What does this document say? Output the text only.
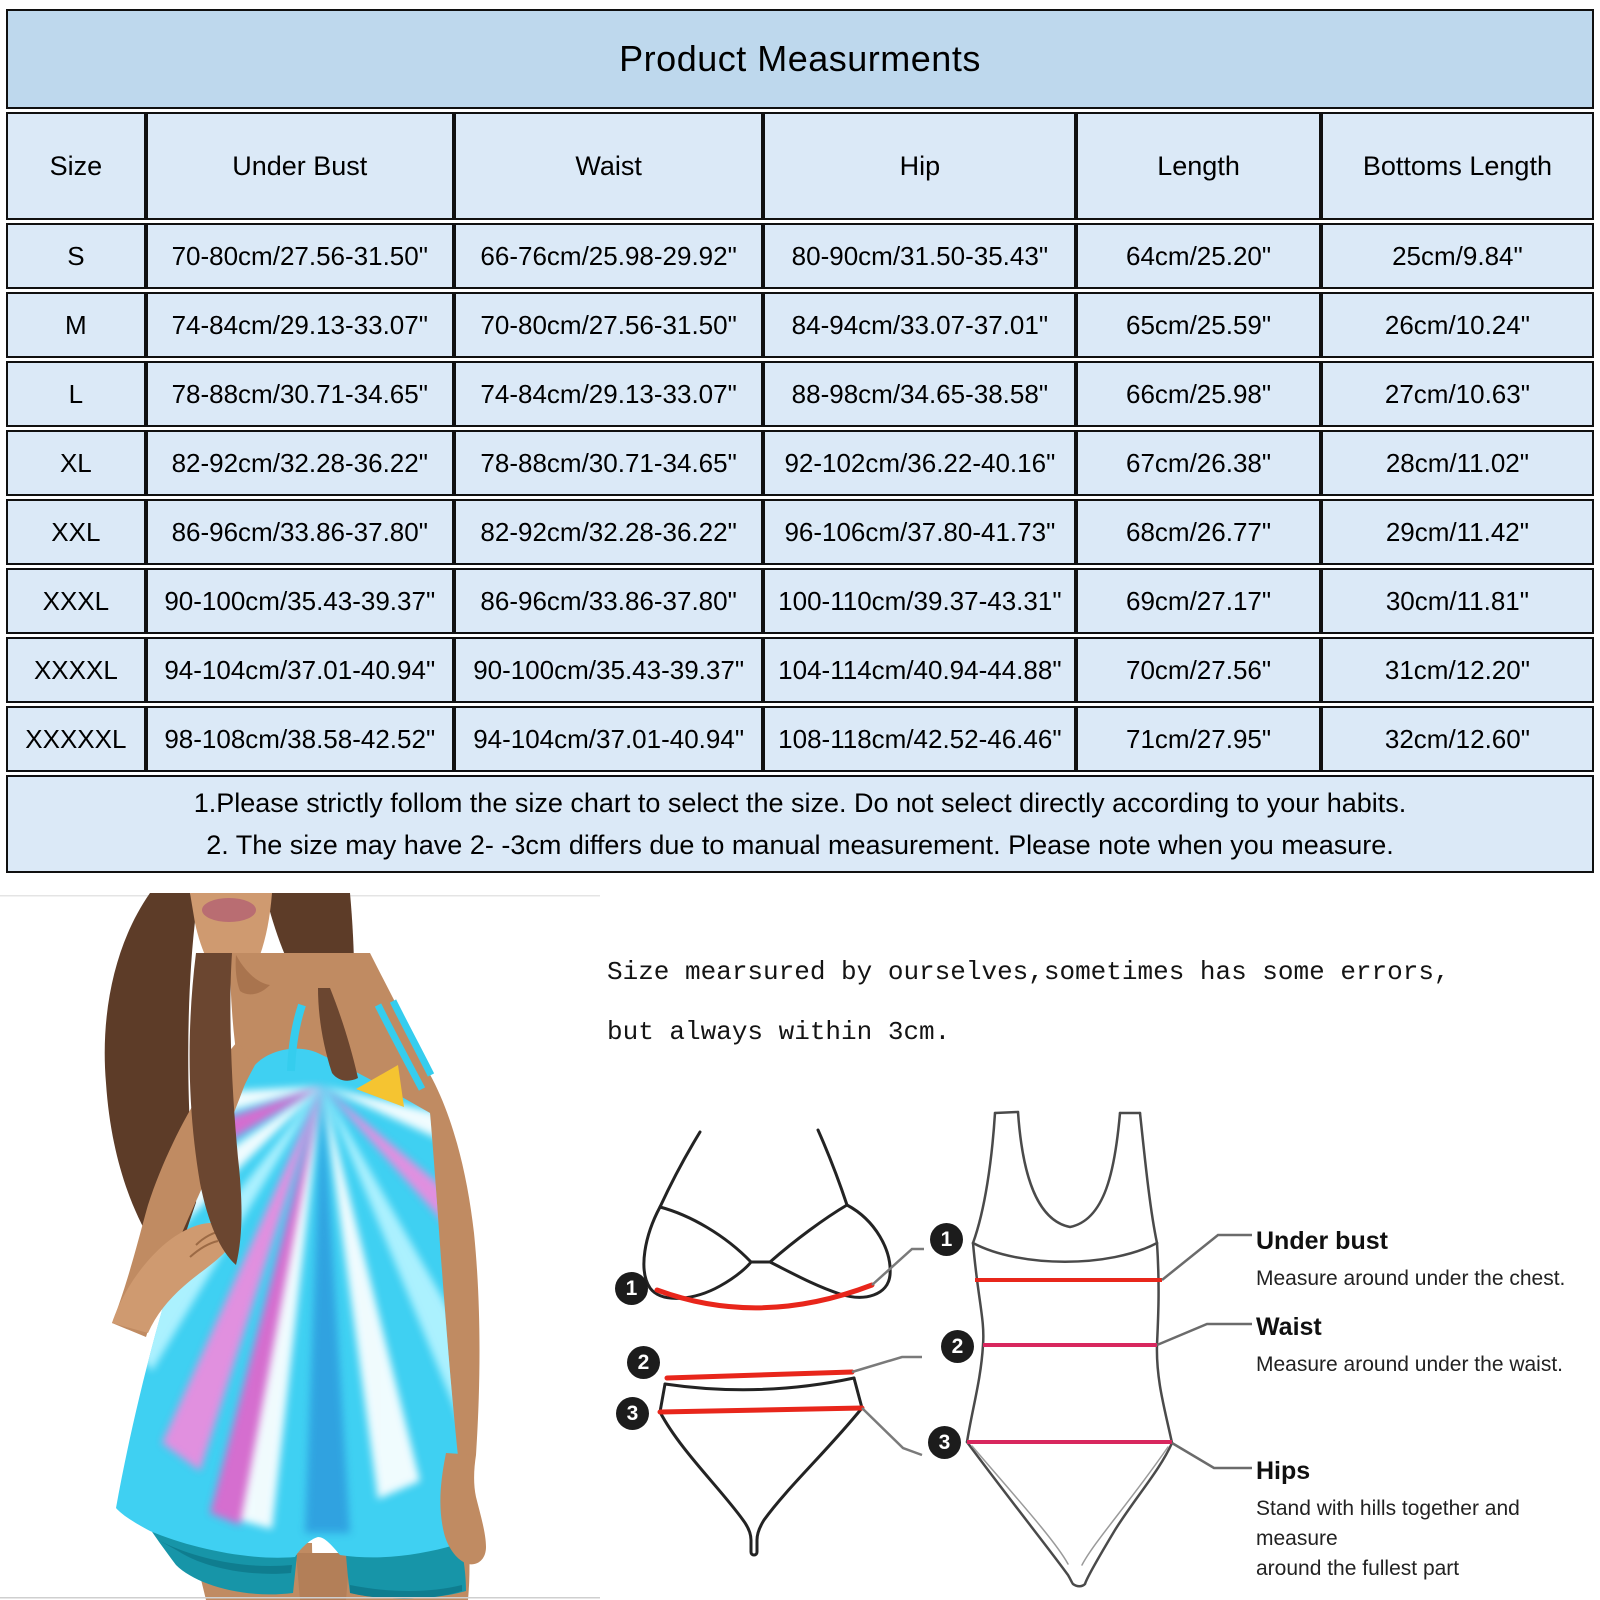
Product Measurments					
Size	Under Bust	Waist	Hip	Length	Bottoms Length
S	70-80cm/27.56-31.50"	66-76cm/25.98-29.92"	80-90cm/31.50-35.43"	64cm/25.20"	25cm/9.84"
M	74-84cm/29.13-33.07"	70-80cm/27.56-31.50"	84-94cm/33.07-37.01"	65cm/25.59"	26cm/10.24"
L	78-88cm/30.71-34.65"	74-84cm/29.13-33.07"	88-98cm/34.65-38.58"	66cm/25.98"	27cm/10.63"
XL	82-92cm/32.28-36.22"	78-88cm/30.71-34.65"	92-102cm/36.22-40.16"	67cm/26.38"	28cm/11.02"
XXL	86-96cm/33.86-37.80"	82-92cm/32.28-36.22"	96-106cm/37.80-41.73"	68cm/26.77"	29cm/11.42"
XXXL	90-100cm/35.43-39.37"	86-96cm/33.86-37.80"	100-110cm/39.37-43.31"	69cm/27.17"	30cm/11.81"
XXXXL	94-104cm/37.01-40.94"	90-100cm/35.43-39.37"	104-114cm/40.94-44.88"	70cm/27.56"	31cm/12.20"
XXXXXL	98-108cm/38.58-42.52"	94-104cm/37.01-40.94"	108-118cm/42.52-46.46"	71cm/27.95"	32cm/12.60"

1.Please strictly follom the size chart to select the size. Do not select directly according to your habits.
2. The size may have 2- -3cm differs due to manual measurement. Please note when you measure.					
Size mearsured by ourselves,sometimes has some errors,
but always within 3cm.
1
2
3
1
2
3
Under bust
Measure around under the chest.
Waist
Measure around under the waist.
Hips
Stand with hills together and measure
around the fullest part
